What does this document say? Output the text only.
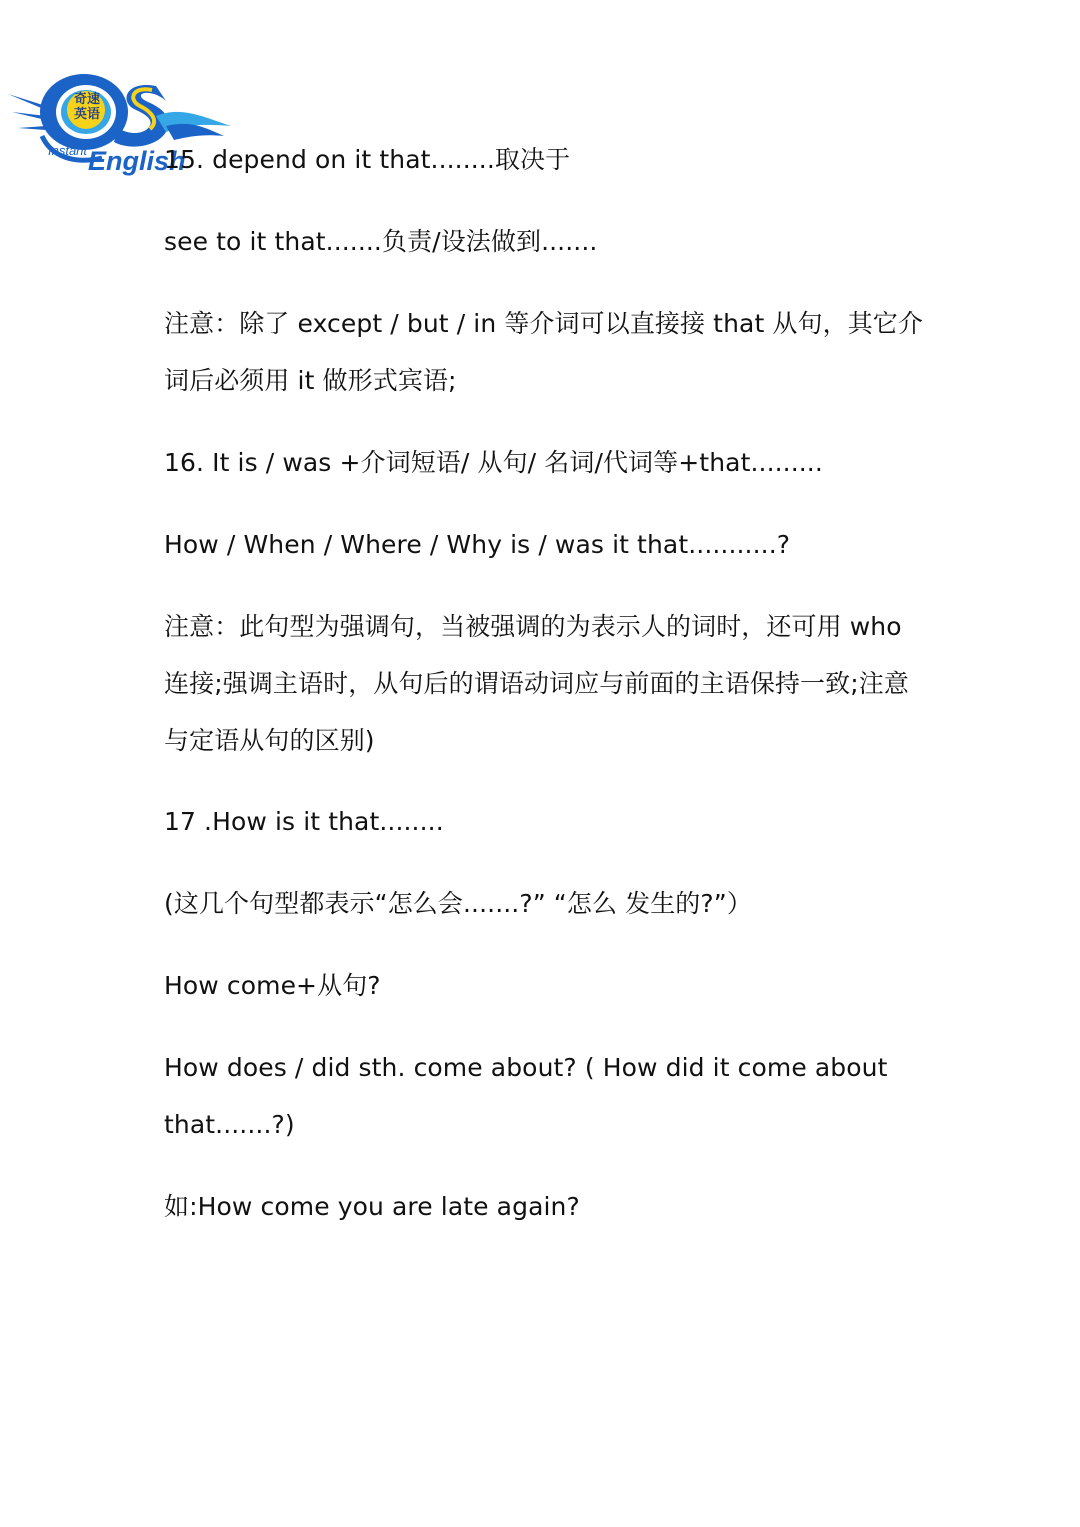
奇速
英语
Instant English

15. depend on it that........取决于

see to it that.......负责/设法做到.......

注意：除了 except / but / in 等介词可以直接接 that 从句，其它介

词后必须用 it 做形式宾语;

16. It is / was +介词短语/ 从句/ 名词/代词等+that.........

How / When / Where / Why is / was it that...........?

注意：此句型为强调句，当被强调的为表示人的词时，还可用 who

连接;强调主语时，从句后的谓语动词应与前面的主语保持一致;注意

与定语从句的区别)

17 .How is it that........

(这几个句型都表示“怎么会.......?” “怎么 发生的?”）

How come+从句?

How does / did sth. come about? ( How did it come about

that.......?)

如:How come you are late again?
